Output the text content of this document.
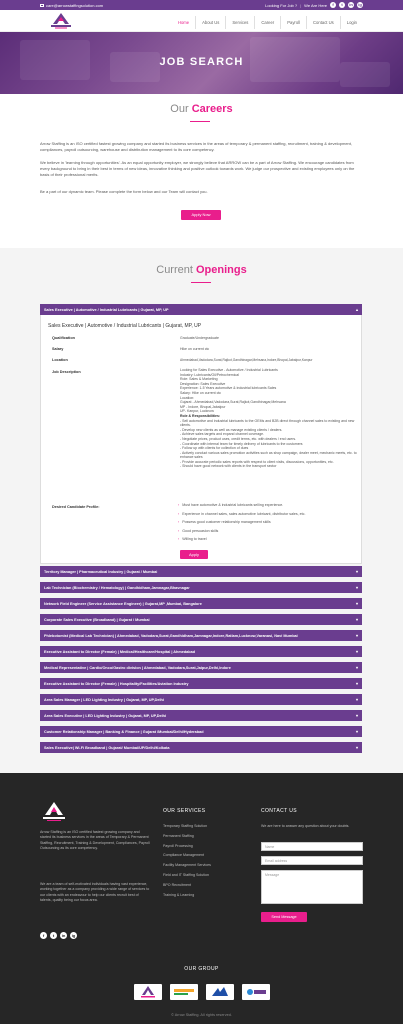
care@arrowstaffingsolution.com	Looking For Job ? | We Are Here	f	t	in	ig
Home	About Us	Services	Career	Payroll	Contact Us	Login
JOB SEARCH
Our Careers
Arrow Staffing is an ISO certified fastest growing company and started its business services in the areas of temporary & permanent staffing, recruitment, training & development, compliances, payroll outsourcing, warehouse and distribution management to its core competency.
We believe in 'learning through opportunities'. As an equal opportunity employer, we strongly believe that ARROW can be a part of Arrow Staffing. We encourage candidates from every background to bring in their best in terms of new ideas, innovative thinking and positive outlook towards work. We judge our prospective and existing employees only on the basis of their professional merits.
Be a part of our dynamic team. Please complete the form below and our Team will contact you.
Apply Now
Current Openings
Sales Executive | Automotive / Industrial Lubricants | Gujarat, MP, UP	▴
Sales Executive | Automotive / Industrial Lubricants | Gujarat, MP, UP
Qualification	Graduate/Undergraduate
Salary	Hike on current ctc
Location	Ahmedabad,Vadodara,Surat,Rajkot,Gandhinagar,Mehsana,Indore,Bhopal,Jabalpur,Kanpur
Job Description	Looking for Sales Executive - Automotive / Industrial Lubricants
Industry: Lubricants/Oil/Petrochemical
Role: Sales & Marketing
Designation: Sales Executive
Experience: 1-5 Years automotive & industrial lubricants Sales
Salary: Hike on current ctc
Location:
Gujarat - Ahmedabad,Vadodara,Surat,Rajkot,Gandhinagar,Mehsana
MP - Indore, Bhopal,Jabalpur
UP- Kanpur, Lucknow
Role & Responsibilities:
- Sell automotive and industrial lubricants to the OEMs and B2B direct through channel sales to existing and new clients.
- Develop new clients as well as manage existing clients / dealers.
- Achieve sales targets and expand channel coverage.
- Negotiate prices, product uses, credit terms, etc. with dealers / end users.
- Coordinate with internal team for timely delivery of lubricants to the customers
- Follow up with clients for collection of dues
- Actively conduct various sales promotion activities such as shop campaign, dealer meet, mechanic meets, etc. to enhance sales
- Provide accurate periodic sales reports with respect to client visits, discussions, opportunities, etc.
- Should have good network with clients in the transport sector
Desired Candidate Profile:
›	Must have automotive & industrial lubricants selling experience.
› Experience in channel sales, sales automotive lubricant, distributor sales, etc.
› Possess good customer relationship management skills
› Good persuasion skills
› Willing to travel
Apply
Territory Manager | Pharmaceutical Industry | Gujarat / Mumbai	▾
Lab Technician (Biochemistry / Hematology) | Gandhidham,Jamnagar,Bhavnagar	▾
Network Field Engineer (Service Assistance Engineer) | Gujarat,MP ,Mumbai, Bangalore	▾
Corporate Sales Executive (Broadband) | Gujarat / Mumbai	▾
Phlebotomist (Medical Lab Technician) | Ahmedabad, Vadodara,Surat,Gandhidham,Jamnagar,Indore,Ratlam,Lucknow,Varanasi, Navi Mumbai	▾
Executive Assistant to Director (Female) | Medical/Healthcare/Hospital | Ahmedabad	▾
Medical Representative | Cardio/Onco/Gastro division | Ahmedabad, Vadodara,Surat,Jaipur,Delhi,Indore	▾
Executive Assistant to Director (Female) | Hospitality/Facilities/Aviation Industry	▾
Area Sales Manager | LED Lighting Industry | Gujarat, MP, UP,Delhi	▾
Area Sales Executive | LED Lighting Industry | Gujarat, MP, UP,Delhi	▾
Customer Relationship Manager | Banking & Finance | Gujarat /Mumbai/Delhi/Hyderabad	▾
Sales Executive| Wi-Fi Broadband | Gujarat/ Mumbai/UP/Delhi/Kolkata	▾
Arrow Staffing is an ISO certified fastest growing company and started its business services in the areas of Temporary & Permanent Staffing, Recruitment, Training & Development, Compliances, Payroll Outsourcing as its core competency.
We are a team of self-motivated individuals having vast experience, working together as a company providing a wide range of services to our clients with an endeavour to help our clients recruit best of talents, quality being our focus area.
f	t	in	ig
OUR SERVICES
Temporary Staffing Solution
Permanent Staffing
Payroll Processing
Compliance Management
Facility Management Services
Field and IT Staffing Solution
BPO Recruitment
Training & Learning
CONTACT US
We are here to answer any question about your doubts.
Name
Email address
Message
Send Message
OUR GROUP
© Arrow Staffing. All rights reserved.
